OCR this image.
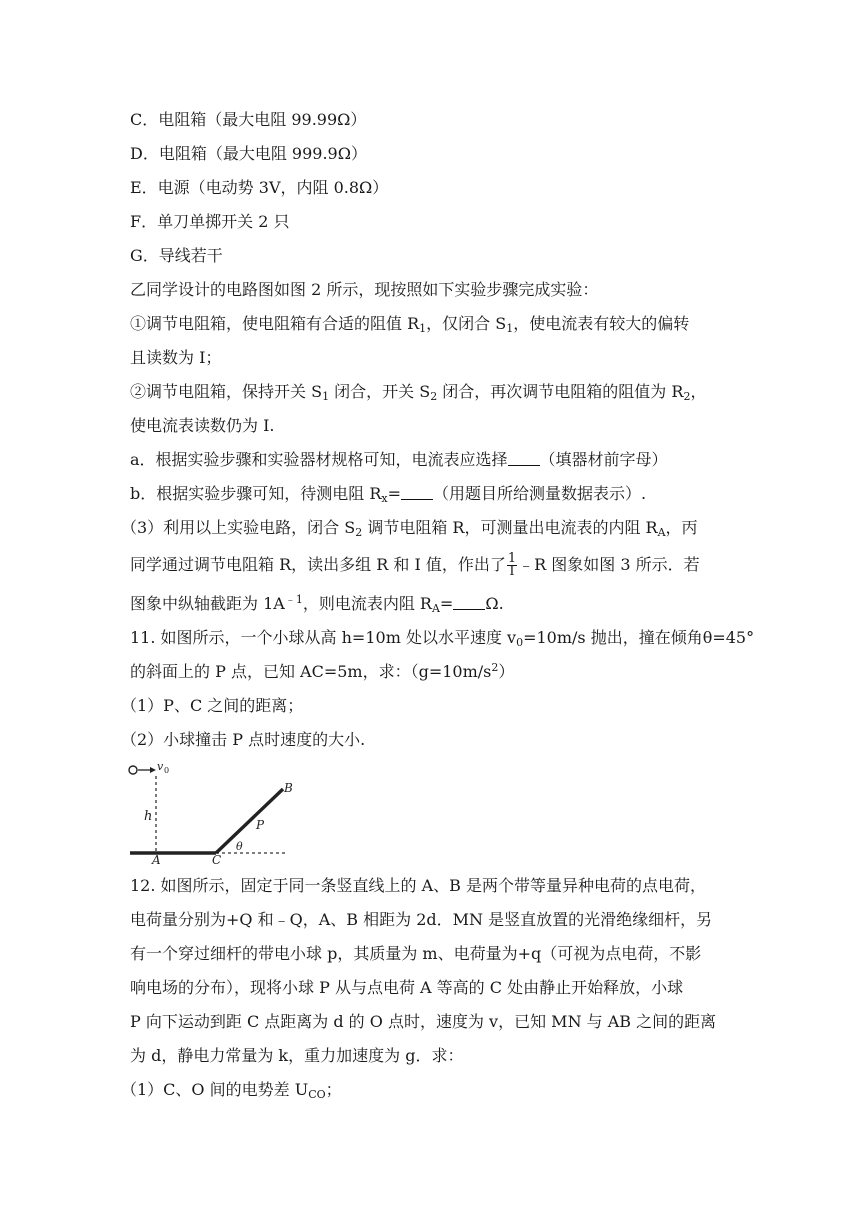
C．电阻箱（最大电阻 99.99Ω）
D．电阻箱（最大电阻 999.9Ω）
E．电源（电动势 3V，内阻 0.8Ω）
F．单刀单掷开关 2 只
G．导线若干
乙同学设计的电路图如图 2 所示，现按照如下实验步骤完成实验：
①调节电阻箱，使电阻箱有合适的阻值 $R_1$，仅闭合 $S_1$，使电流表有较大的偏转
且读数为 I；
②调节电阻箱，保持开关 $S_1$ 闭合，开关 $S_2$ 闭合，再次调节电阻箱的阻值为 $R_2$，
使电流表读数仍为 I.
a．根据实验步骤和实验器材规格可知，电流表应选择 （填器材前字母）
b．根据实验步骤可知，待测电阻 $R_x=$ （用题目所给测量数据表示）.
（3）利用以上实验电路，闭合 $S_2$ 调节电阻箱 R，可测量出电流表的内阻 $R_A$，丙
同学通过调节电阻箱 R，读出多组 R 和 I 值，作出了 $\frac{1}{I}$ ﹣R 图象如图 3 所示．若
图象中纵轴截距为 $1A^{﹣1}$，则电流表内阻 $R_A= \Omega$.
11. 如图所示，一个小球从高 h=10m 处以水平速度 $v_0=10m/s$ 抛出，撞在倾角θ=45°
的斜面上的 P 点，已知 AC=5m，求：$(g=10m/s^2)$
（1）P、C 之间的距离；
（2）小球撞击 P 点时速度的大小.
v 0
h
A	C
B
P
θ
12. 如图所示，固定于同一条竖直线上的 A、B 是两个带等量异种电荷的点电荷，
电荷量分别为+Q 和﹣Q，A、B 相距为 2d．MN 是竖直放置的光滑绝缘细杆，另
有一个穿过细杆的带电小球 p，其质量为 m、电荷量为+q（可视为点电荷，不影
响电场的分布），现将小球 P 从与点电荷 A 等高的 C 处由静止开始释放，小球
P 向下运动到距 C 点距离为 d 的 O 点时，速度为 v，已知 MN 与 AB 之间的距离
为 d，静电力常量为 k，重力加速度为 g．求：
（1）C、O 间的电势差 $U_{CO}$；
